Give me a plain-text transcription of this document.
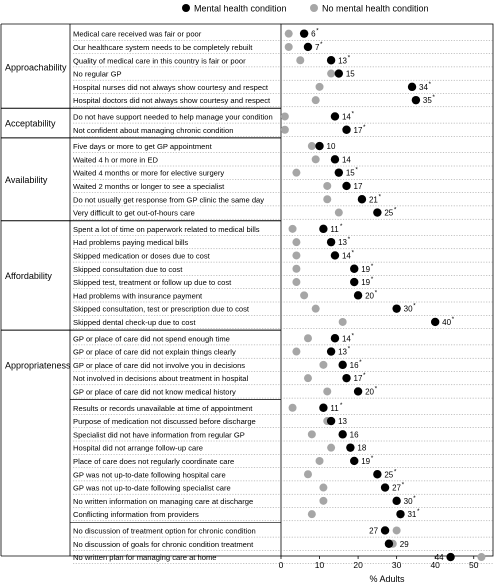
Mental health condition	No mental health condition
0	10	20	30	40	50
% Adults
Medical care received was fair or poor	6 *
Our healthcare system needs to be completely rebuilt	7 *
Quality of medical care in this country is fair or poor	13 *
No regular GP	15
Hospital nurses did not always show courtesy and respect	34 *
Hospital doctors did not always show courtesy and respect	35 *
Approachability
Do not have support needed to help manage your condition	14 *
Not confident about managing chronic condition	17 *
Acceptability
Five days or more to get GP appointment	10
Waited 4 h or more in ED	14
Waited 4 months or more for elective surgery	15 *
Waited 2 months or longer to see a specialist	17
Do not usually get response from GP clinic the same day	21 *
Very difficult to get out-of-hours care	25 *
Availability
Spent a lot of time on paperwork related to medical bills	11 *
Had problems paying medical bills	13 *
Skipped medication or doses due to cost	14 *
Skipped consultation due to cost	19 *
Skipped test, treatment or follow up due to cost	19 *
Had problems with insurance payment	20 *
Skipped consultation, test or prescription due to cost	30 *
Skipped dental check-up due to cost	40 *
Affordability
GP or place of care did not spend enough time	14 *
GP or place of care did not explain things clearly	13 *
GP or place of care did not involve you in decisions	16 *
Not involved in decisions about treatment in hospital	17 *
GP or place of care did not know medical history	20 *
Appropriateness
Results or records unavailable at time of appointment	11 *
Purpose of medication not discussed before discharge	13
Specialist did not have information from regular GP	16
Hospital did not arrange follow-up care	18
Place of care does not regularly coordinate care	19 *
GP was not up-to-date following hospital care	25 *
GP was not up-to-date following specialist care	27 *
No written information on managing care at discharge	30 *
Conflicting information from providers	31 *
No discussion of treatment option for chronic condition	27
No discussion of goals for chronic condition treatment	29
No written plan for managing care at home	44
